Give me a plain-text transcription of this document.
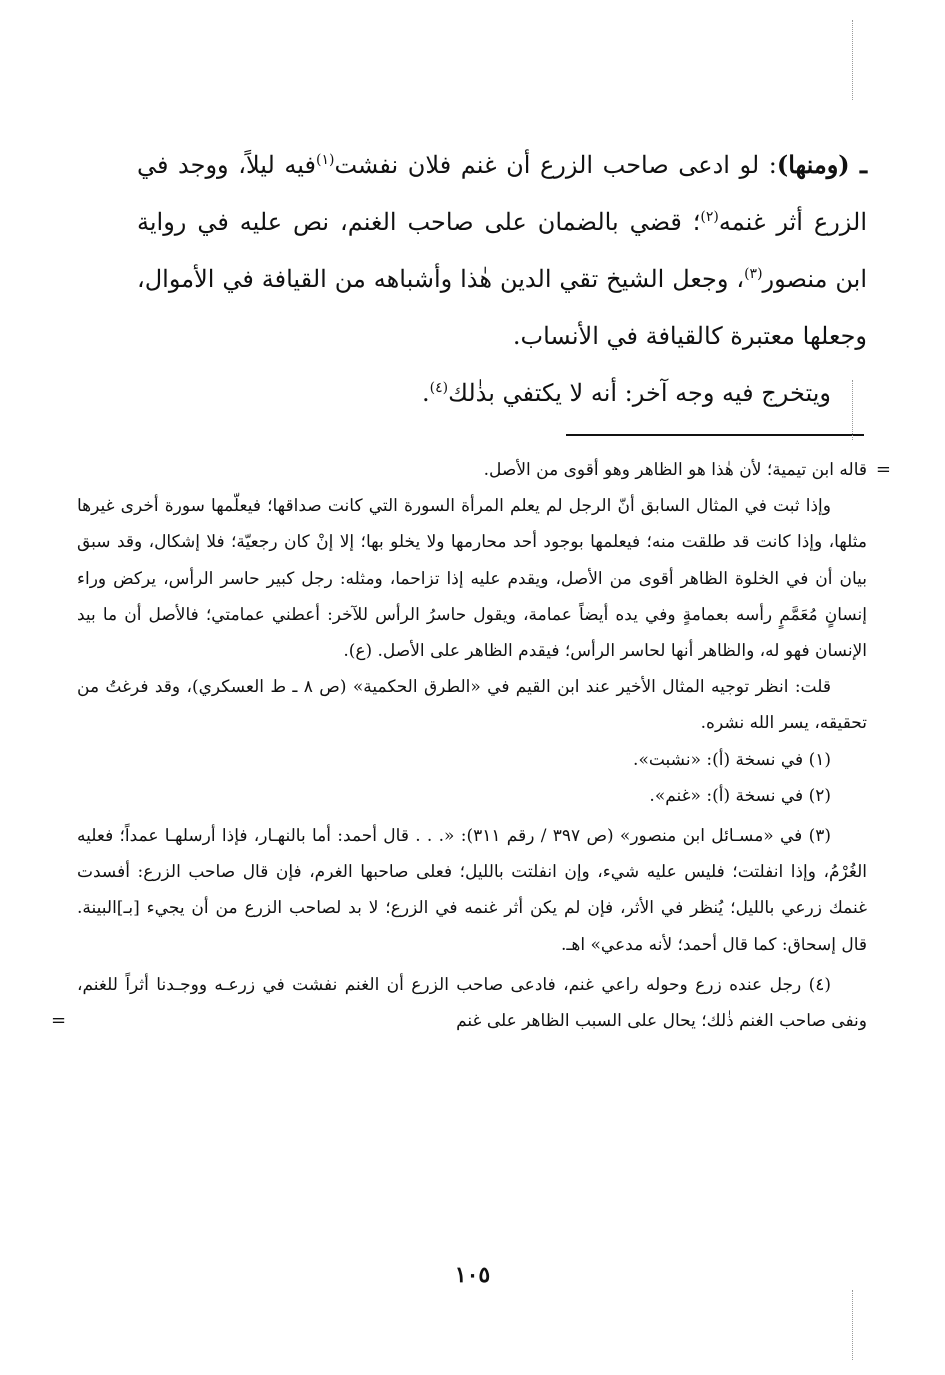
ـ (ومنها): لو ادعى صاحب الزرع أن غنم فلان نفشت$^{(١)}$فيه ليلاً، ووجد في الزرع أثر غنمه$^{(٢)}$؛ قضي بالضمان على صاحب الغنم، نص عليه في رواية ابن منصور$^{(٣)}$، وجعل الشيخ تقي الدين هٰذا وأشباهه من القيافة في الأموال، وجعلها معتبرة كالقيافة في الأنساب.

ويتخرج فيه وجه آخر: أنه لا يكتفي بذٰلك$^{(٤)}$.

=
قاله ابن تيمية؛ لأن هٰذا هو الظاهر وهو أقوى من الأصل.

وإذا ثبت في المثال السابق أنّ الرجل لم يعلم المرأة السورة التي كانت صداقها؛ فيعلّمها سورة أخرى غيرها مثلها، وإذا كانت قد طلقت منه؛ فيعلمها بوجود أحد محارمها ولا يخلو بها؛ إلا إنْ كان رجعيّة؛ فلا إشكال، وقد سبق بيان أن في الخلوة الظاهر أقوى من الأصل، ويقدم عليه إذا تزاحما، ومثله: رجل كبير حاسر الرأس، يركض وراء إنسانٍ مُعَمَّمٍ رأسه بعمامةٍ وفي يده أيضاً عمامة، ويقول حاسرُ الرأس للآخر: أعطني عمامتي؛ فالأصل أن ما بيد الإنسان فهو له، والظاهر أنها لحاسر الرأس؛ فيقدم الظاهر على الأصل. (ع).

قلت: انظر توجيه المثال الأخير عند ابن القيم في «الطرق الحكمية» (ص ٨ ـ ط العسكري)، وقد فرغتُ من تحقيقه، يسر الله نشره.

(١) في نسخة (أ): «نشبت».

(٢) في نسخة (أ): «غنم».

(٣) في «مسـائل ابن منصور» (ص ٣٩٧ / رقم ٣١١): «. . . قال أحمد: أما بالنهـار، فإذا أرسلهـا عمداً؛ فعليه الغُرْمُ، وإذا انفلتت؛ فليس عليه شيء، وإن انفلتت بالليل؛ فعلى صاحبها الغرم، فإن قال صاحب الزرع: أفسدت غنمك زرعي بالليل؛ يُنظر في الأثر، فإن لم يكن أثر غنمه في الزرع؛ لا بد لصاحب الزرع من أن يجيء [بـ]البينة. قال إسحاق: كما قال أحمد؛ لأنه مدعي» اهـ.

(٤) رجل عنده زرع وحوله راعي غنم، فادعى صاحب الزرع أن الغنم نفشت في زرعـه ووجـدنا أثراً للغنم، ونفى صاحب الغنم ذٰلك؛ يحال على السبب الظاهر على غنم
=

١٠٥
